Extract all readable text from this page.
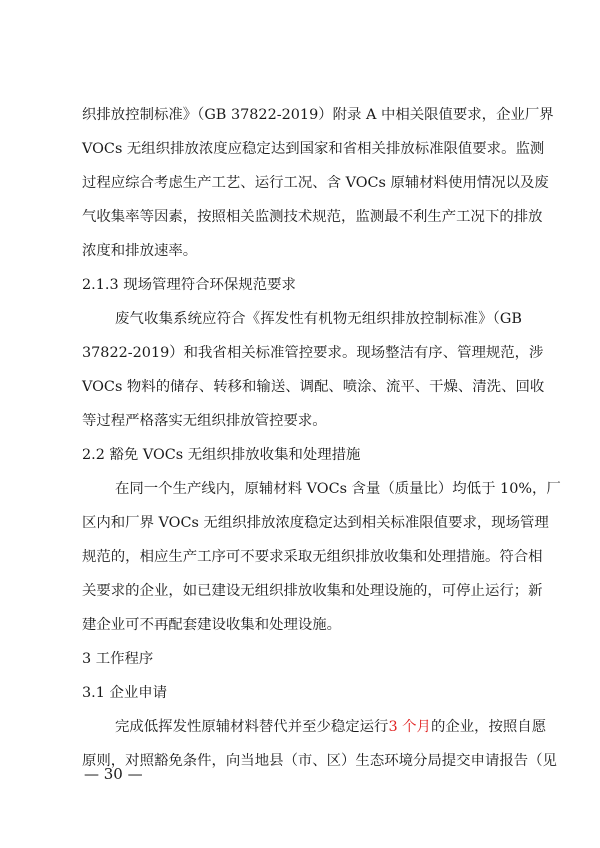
织排放控制标准》（GB 37822-2019）附录 A 中相关限值要求，企业厂界
VOCs 无组织排放浓度应稳定达到国家和省相关排放标准限值要求。监测
过程应综合考虑生产工艺、运行工况、含 VOCs 原辅材料使用情况以及废
气收集率等因素，按照相关监测技术规范，监测最不利生产工况下的排放
浓度和排放速率。
2.1.3 现场管理符合环保规范要求
废气收集系统应符合《挥发性有机物无组织排放控制标准》（GB
37822-2019）和我省相关标准管控要求。现场整洁有序、管理规范，涉
VOCs 物料的储存、转移和输送、调配、喷涂、流平、干燥、清洗、回收
等过程严格落实无组织排放管控要求。
2.2 豁免 VOCs 无组织排放收集和处理措施
在同一个生产线内，原辅材料 VOCs 含量（质量比）均低于 10%，厂
区内和厂界 VOCs 无组织排放浓度稳定达到相关标准限值要求，现场管理
规范的，相应生产工序可不要求采取无组织排放收集和处理措施。符合相
关要求的企业，如已建设无组织排放收集和处理设施的，可停止运行；新
建企业可不再配套建设收集和处理设施。
3 工作程序
3.1 企业申请
完成低挥发性原辅材料替代并至少稳定运行3 个月的企业，按照自愿
原则，对照豁免条件，向当地县（市、区）生态环境分局提交申请报告（见
— 30 —
